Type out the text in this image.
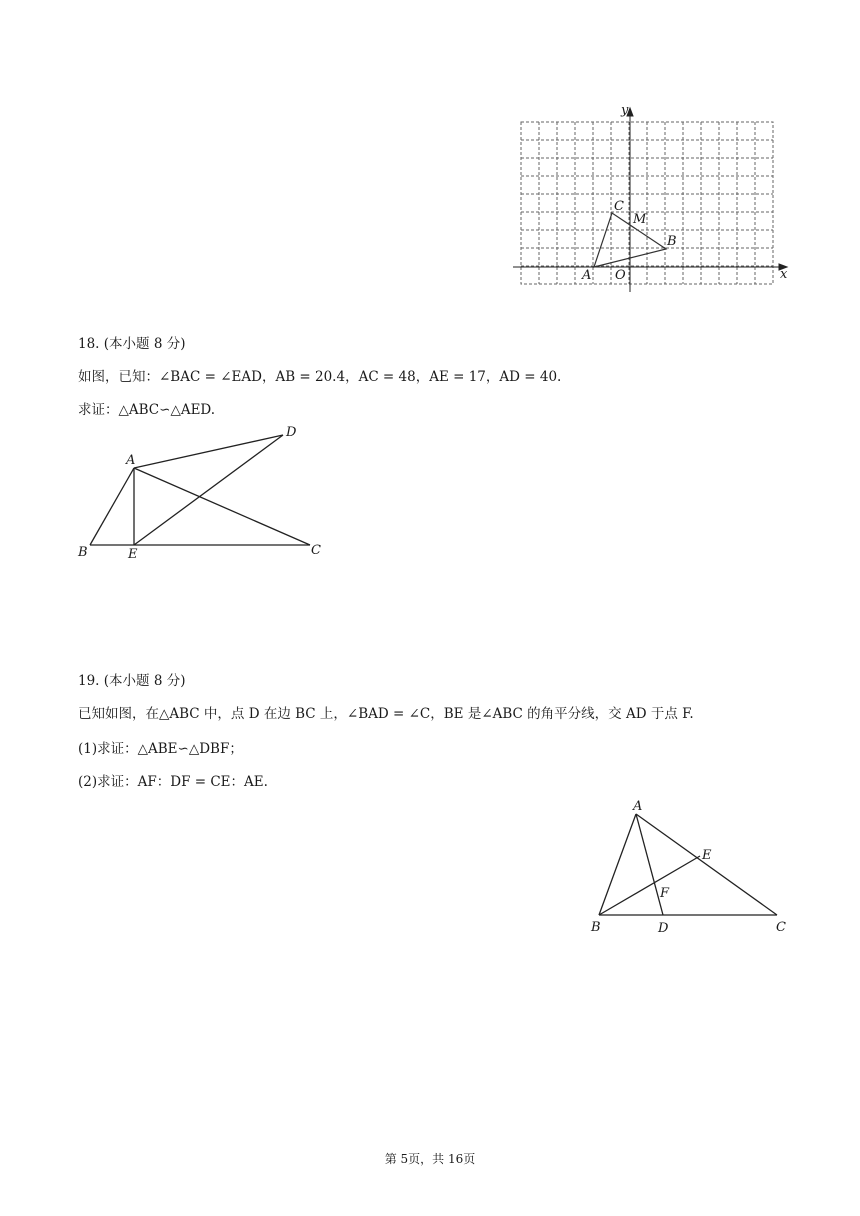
x
y
A O
B
C
M
18. (本小题 8 分)
如图，已知：∠BAC = ∠EAD，AB = 20.4，AC = 48，AE = 17，AD = 40.
求证：△ABC∽△AED.
A
B	C
D
E
19. (本小题 8 分)
已知如图，在△ABC 中，点 D 在边 BC 上，∠BAD = ∠C，BE 是∠ABC 的角平分线，交 AD 于点 F.
(1)求证：△ABE∽△DBF；
(2)求证：AF：DF = CE：AE.
A
B	C
D
E
F
第 5页，共 16页
